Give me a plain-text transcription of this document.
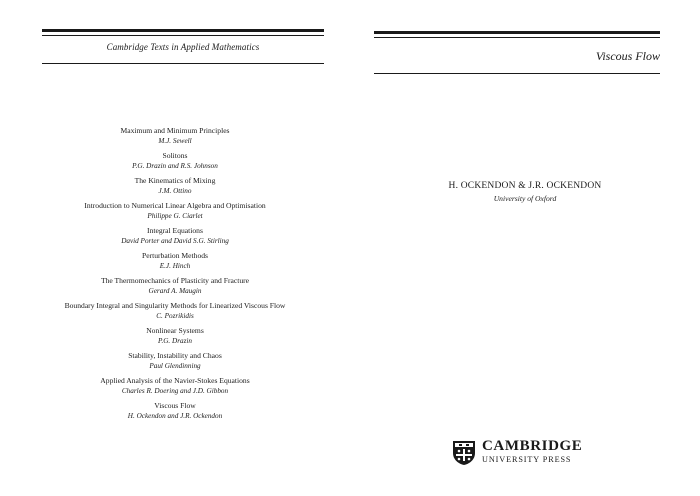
Cambridge Texts in Applied Mathematics
Maximum and Minimum Principles
M.J. Sewell
Solitons
P.G. Drazin and R.S. Johnson
The Kinematics of Mixing
J.M. Ottino
Introduction to Numerical Linear Algebra and Optimisation
Philippe G. Ciarlet
Integral Equations
David Porter and David S.G. Stirling
Perturbation Methods
E.J. Hinch
The Thermomechanics of Plasticity and Fracture
Gerard A. Maugin
Boundary Integral and Singularity Methods for Linearized Viscous Flow
C. Pozrikidis
Nonlinear Systems
P.G. Drazin
Stability, Instability and Chaos
Paul Glendinning
Applied Analysis of the Navier-Stokes Equations
Charles R. Doering and J.D. Gibbon
Viscous Flow
H. Ockendon and J.R. Ockendon
Viscous Flow
H. OCKENDON & J.R. OCKENDON
University of Oxford
CAMBRIDGE
UNIVERSITY PRESS
